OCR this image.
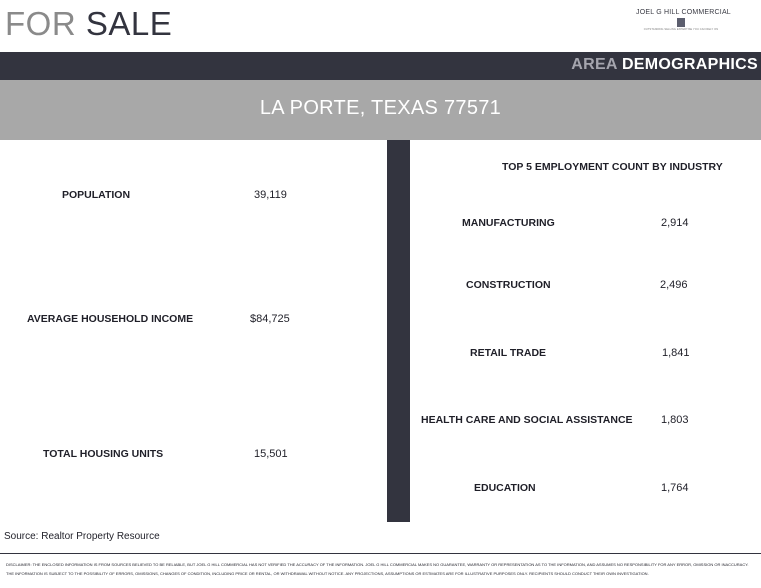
FOR SALE	JOEL G HILL COMMERCIAL
OUTSTANDING SELLING EXPERTISE YOU CAN RELY ON
AREA DEMOGRAPHICS
LA PORTE, TEXAS 77571
POPULATION	39,119
AVERAGE HOUSEHOLD INCOME	$84,725
TOTAL HOUSING UNITS	15,501
TOP 5 EMPLOYMENT COUNT BY INDUSTRY
MANUFACTURING	2,914
CONSTRUCTION	2,496
RETAIL TRADE	1,841
HEALTH CARE AND SOCIAL ASSISTANCE	1,803
EDUCATION	1,764
Source: Realtor Property Resource
DISCLAIMER: THE ENCLOSED INFORMATION IS FROM SOURCES BELIEVED TO BE RELIABLE, BUT JOEL G HILL COMMERCIAL HAS NOT VERIFIED THE ACCURACY OF THE INFORMATION. JOEL G HILL COMMERCIAL MAKES NO GUARANTEE, WARRANTY OR REPRESENTATION AS TO THE INFORMATION, AND ASSUMES NO RESPONSIBILITY FOR ANY ERROR, OMISSION OR INACCURACY. THE INFORMATION IS SUBJECT TO THE POSSIBILITY OF ERRORS, OMISSIONS, CHANGES OF CONDITION, INCLUDING PRICE OR RENTAL, OR WITHDRAWAL WITHOUT NOTICE. ANY PROJECTIONS, ASSUMPTIONS OR ESTIMATES ARE FOR ILLUSTRATIVE PURPOSES ONLY. RECIPIENTS SHOULD CONDUCT THEIR OWN INVESTIGATION.
